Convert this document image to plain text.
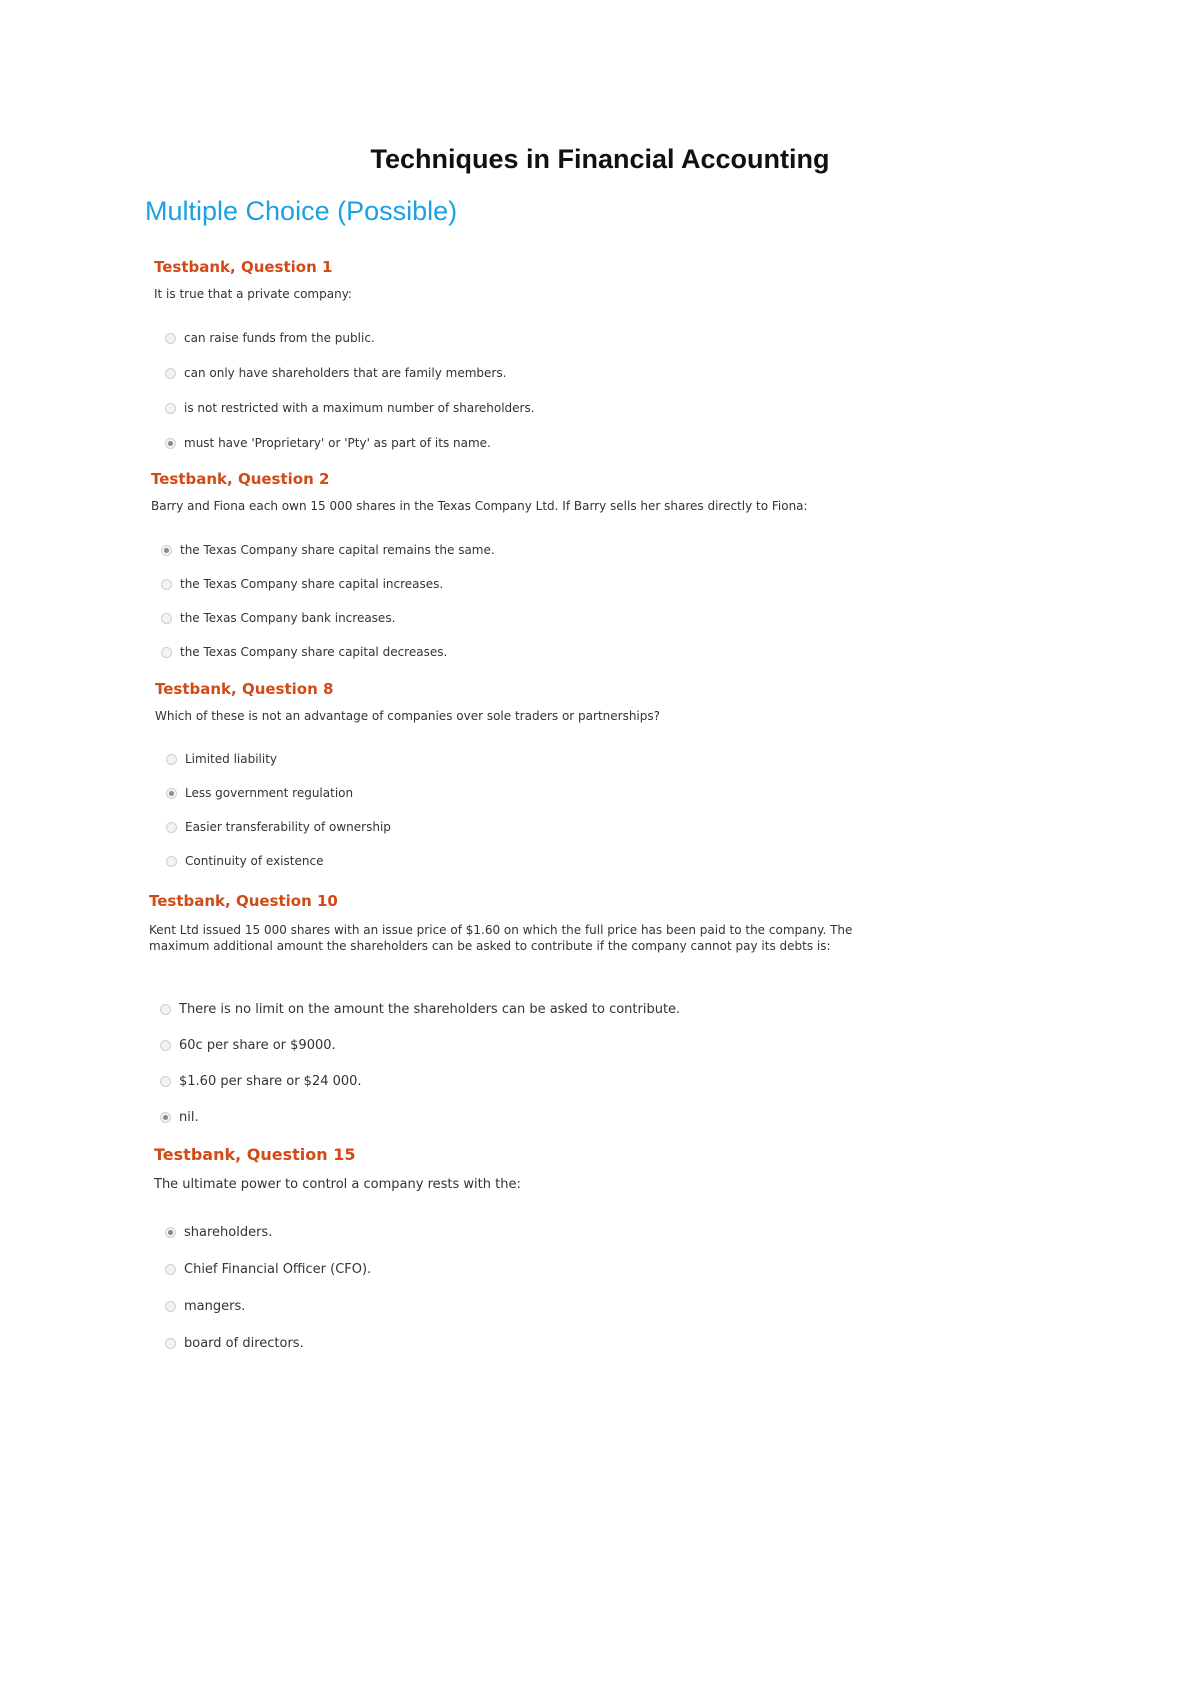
Techniques in Financial Accounting
Multiple Choice (Possible)
Testbank, Question 1
It is true that a private company:
can raise funds from the public.
can only have shareholders that are family members.
is not restricted with a maximum number of shareholders.
must have 'Proprietary' or 'Pty' as part of its name.
Testbank, Question 2
Barry and Fiona each own 15 000 shares in the Texas Company Ltd. If Barry sells her shares directly to Fiona:
the Texas Company share capital remains the same.
the Texas Company share capital increases.
the Texas Company bank increases.
the Texas Company share capital decreases.
Testbank, Question 8
Which of these is not an advantage of companies over sole traders or partnerships?
Limited liability
Less government regulation
Easier transferability of ownership
Continuity of existence
Testbank, Question 10
Kent Ltd issued 15 000 shares with an issue price of $1.60 on which the full price has been paid to the company. The maximum additional amount the shareholders can be asked to contribute if the company cannot pay its debts is:
There is no limit on the amount the shareholders can be asked to contribute.
60c per share or $9000.
$1.60 per share or $24 000.
nil.
Testbank, Question 15
The ultimate power to control a company rests with the:
shareholders.
Chief Financial Officer (CFO).
mangers.
board of directors.
